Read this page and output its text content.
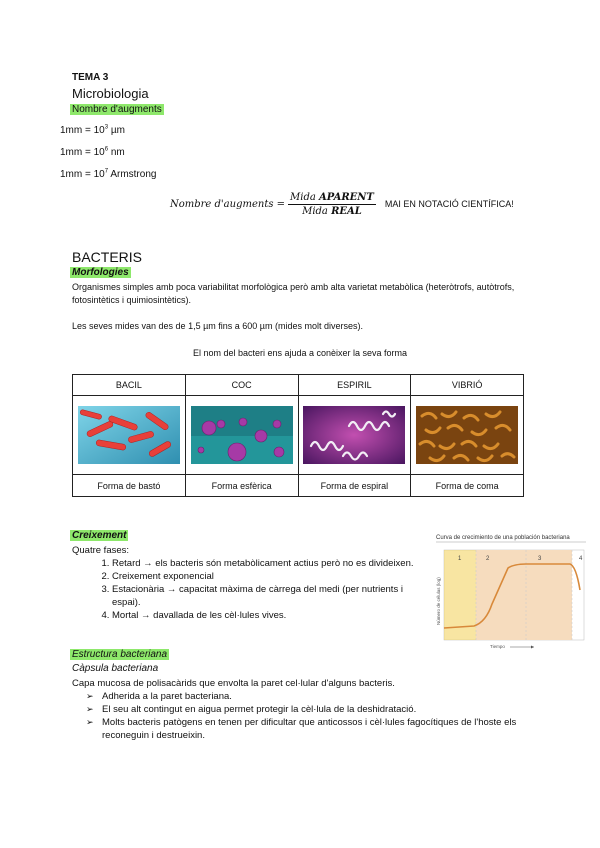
TEMA 3
Microbiologia
Nombre d'augments
$1mm = 10^3$ µm
$1mm = 10^6$ nm
$1mm = 10^7$ Armstrong
Nombre d'augments = $\frac{\text{Mida APARENT}}{\text{Mida REAL}}$ MAI EN NOTACIÓ CIENTÍFICA!
BACTERIS
Morfologies
Organismes simples amb poca variabilitat morfològica però amb alta varietat metabòlica (heteròtrofs, autòtrofs, fotosintètics i quimiosintètics).
Les seves mides van des de 1,5 µm fins a 600 µm (mides molt diverses).
El nom del bacteri ens ajuda a conèixer la seva forma
BACIL	COC	ESPIRIL	VIBRIÓ

Forma de bastó	Forma esfèrica	Forma de espiral	Forma de coma
Creixement
Quatre fases:
1. Retard → els bacteris són metabòlicament actius però no es divideixen.
2. Creixement exponencial
3. Estacionària → capacitat màxima de càrrega del medi (per nutrients i espai).
4. Mortal → davallada de les cèl·lules vives.
Curva de crecimiento de una población bacteriana
1	2	3	4
Número de células (log)
Tiempo
Estructura bacteriana
Càpsula bacteriana
Capa mucosa de polisacàrids que envolta la paret cel·lular d'alguns bacteris.
➢ Adherida a la paret bacteriana.
➢ El seu alt contingut en aigua permet protegir la cèl·lula de la deshidratació.
➢ Molts bacteris patògens en tenen per dificultar que anticossos i cèl·lules fagocítiques de l'hoste els reconeguin i destrueixin.
